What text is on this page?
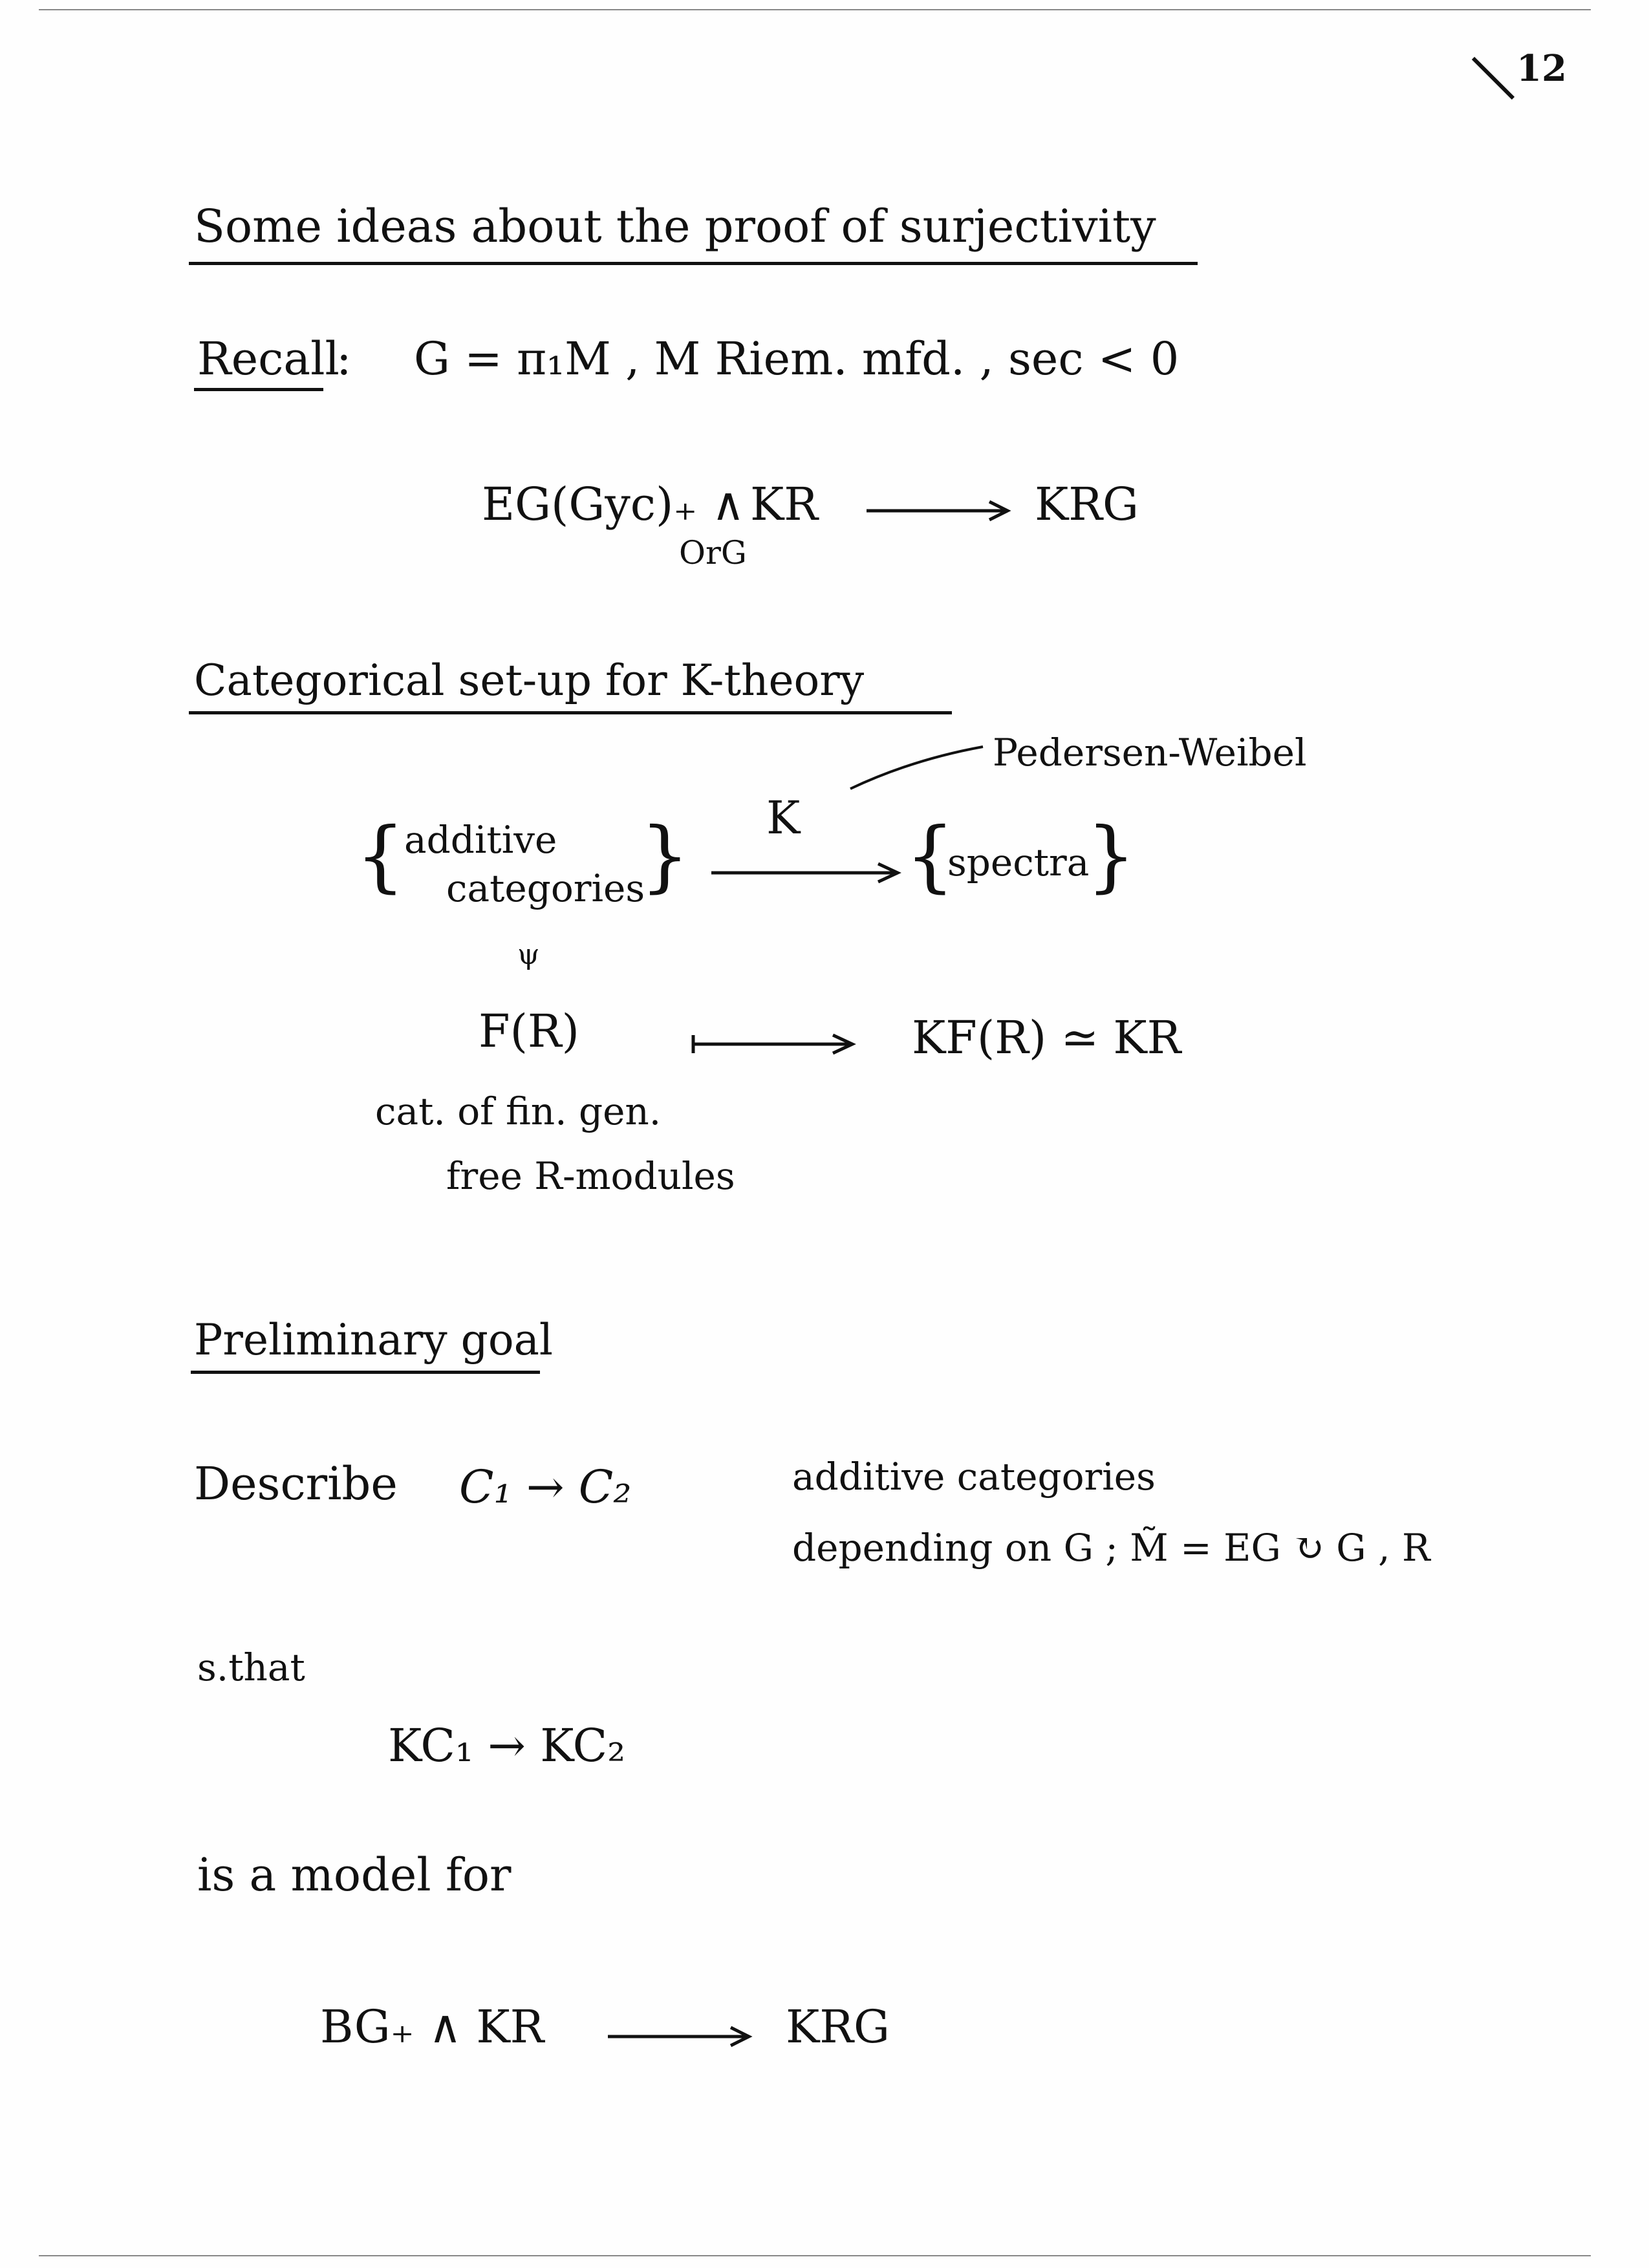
12
Some ideas about the proof of surjectivity
Recall
: G = π₁M , M Riem. mfd. , sec < 0
EG(Gyc)₊ ∧
OrG
KR	KRG
Categorical set-up for K-theory
Pedersen-Weibel
K
{
additive
categories
}	{
spectra
}
ψ
F(R)	KF(R) ≃ KR
cat. of fin. gen.
free R-modules
Preliminary goal
Describe C₁ → C₂	additive categories
depending on G ; M̃ = EG ↻ G , R
s.that
KC₁ → KC₂
is a model for
BG₊ ∧ KR	KRG
